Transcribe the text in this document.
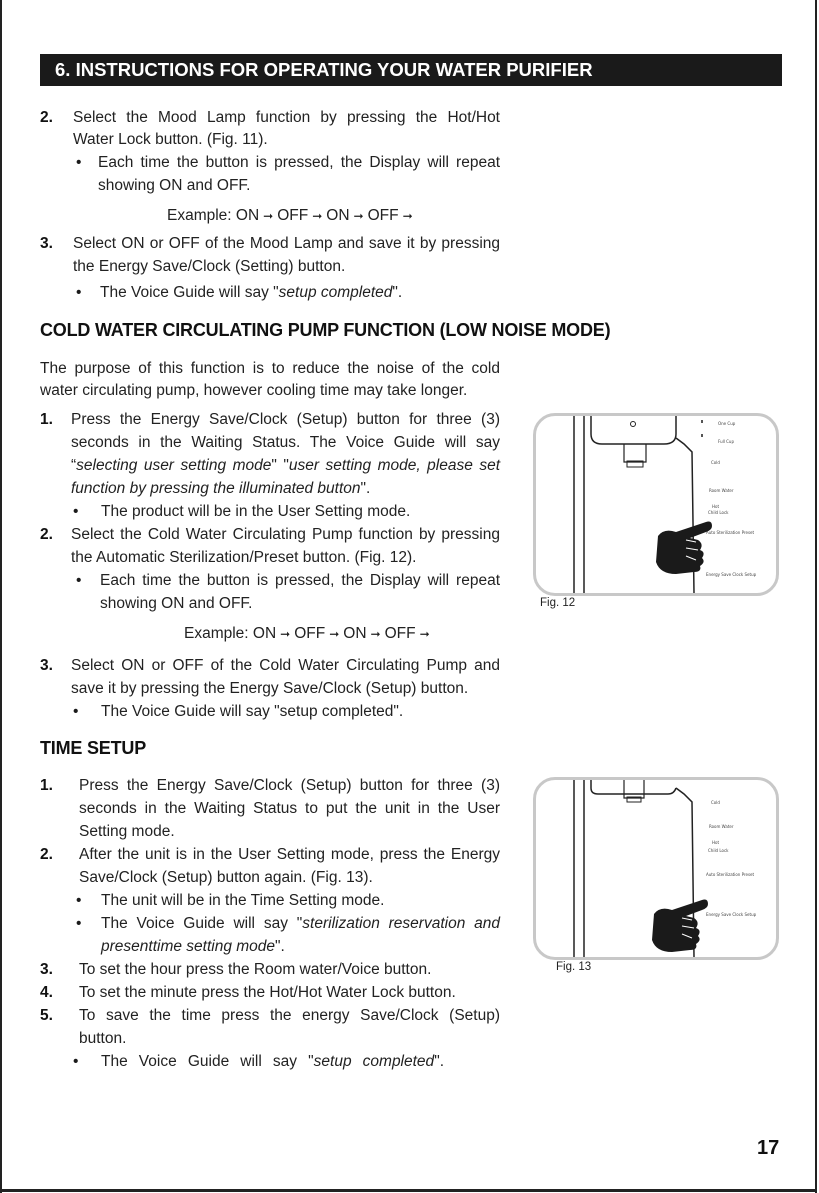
6. INSTRUCTIONS FOR OPERATING YOUR WATER PURIFIER
2. Select the Mood Lamp function by pressing the Hot/Hot
Water Lock button. (Fig. 11).
• Each time the button is pressed, the Display will repeat
showing ON and OFF.
Example: ON ➞ OFF ➞ ON ➞ OFF ➞
3. Select ON or OFF of the Mood Lamp and save it by pressing
the Energy Save/Clock (Setting) button.
• The Voice Guide will say "setup completed".
COLD WATER CIRCULATING PUMP FUNCTION (LOW NOISE MODE)
The purpose of this function is to reduce the noise of the cold
water circulating pump, however cooling time may take longer.
1. Press the Energy Save/Clock (Setup) button for three (3)
seconds in the Waiting Status. The Voice Guide will say
“selecting user setting mode" "user setting mode, please set
function by pressing the illuminated button".
• The product will be in the User Setting mode.
2. Select the Cold Water Circulating Pump function by pressing
the Automatic Sterilization/Preset button. (Fig. 12).
• Each time the button is pressed, the Display will repeat
showing ON and OFF.
Example: ON ➞ OFF ➞ ON ➞ OFF ➞
3. Select ON or OFF of the Cold Water Circulating Pump and
save it by pressing the Energy Save/Clock (Setup) button.
• The Voice Guide will say "setup completed".
TIME SETUP
1. Press the Energy Save/Clock (Setup) button for three (3)
seconds in the Waiting Status to put the unit in the User
Setting mode.
2. After the unit is in the User Setting mode, press the Energy
Save/Clock (Setup) button again. (Fig. 13).
• The unit will be in the Time Setting mode.
• The Voice Guide will say "sterilization reservation and
presenttime setting mode".
3. To set the hour press the Room water/Voice button.
4. To set the minute press the Hot/Hot Water Lock button.
5. To save the time press the energy Save/Clock (Setup)
button.
• The Voice Guide will say "setup completed".
One Cup
Full Cup
Cold
Room Water
Hot
Child Lock
Auto Sterilization Preset
Energy Save Clock Setup
Fig. 12
Cold
Room Water
Hot
Child Lock
Auto Sterilization Preset
Energy Save Clock Setup
Fig. 13
17
